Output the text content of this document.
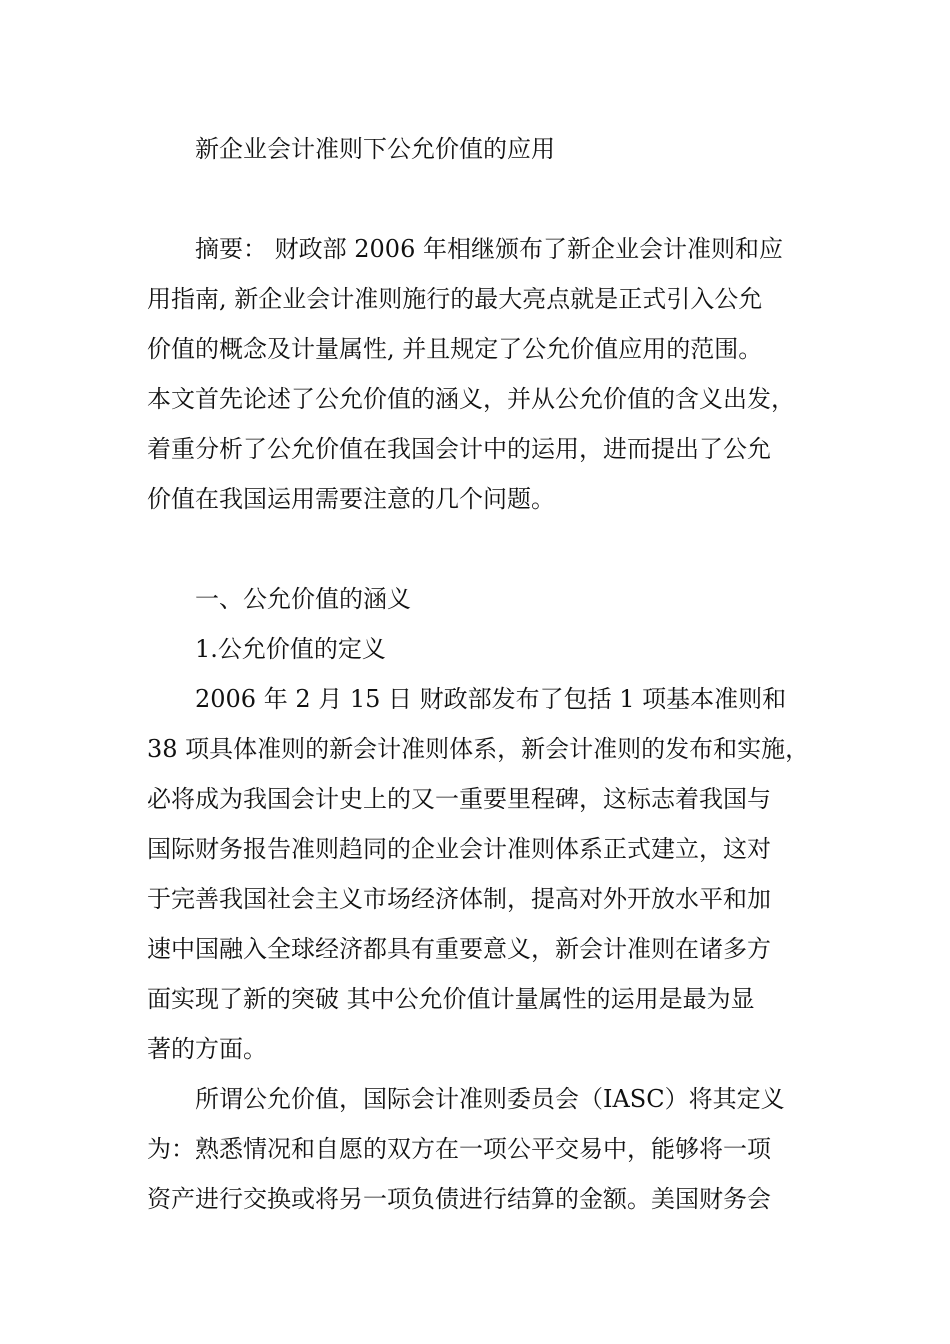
新企业会计准则下公允价值的应用
摘要： 财政部 2006 年相继颁布了新企业会计准则和应
用指南, 新企业会计准则施行的最大亮点就是正式引入公允
价值的概念及计量属性, 并且规定了公允价值应用的范围。
本文首先论述了公允价值的涵义，并从公允价值的含义出发，
着重分析了公允价值在我国会计中的运用，进而提出了公允
价值在我国运用需要注意的几个问题。
一、公允价值的涵义
1.公允价值的定义
2006 年 2 月 15 日 财政部发布了包括 1 项基本准则和
38 项具体准则的新会计准则体系，新会计准则的发布和实施，
必将成为我国会计史上的又一重要里程碑，这标志着我国与
国际财务报告准则趋同的企业会计准则体系正式建立，这对
于完善我国社会主义市场经济体制，提高对外开放水平和加
速中国融入全球经济都具有重要意义，新会计准则在诸多方
面实现了新的突破 其中公允价值计量属性的运用是最为显
著的方面。
所谓公允价值，国际会计准则委员会（IASC）将其定义
为：熟悉情况和自愿的双方在一项公平交易中，能够将一项
资产进行交换或将另一项负债进行结算的金额。美国财务会
